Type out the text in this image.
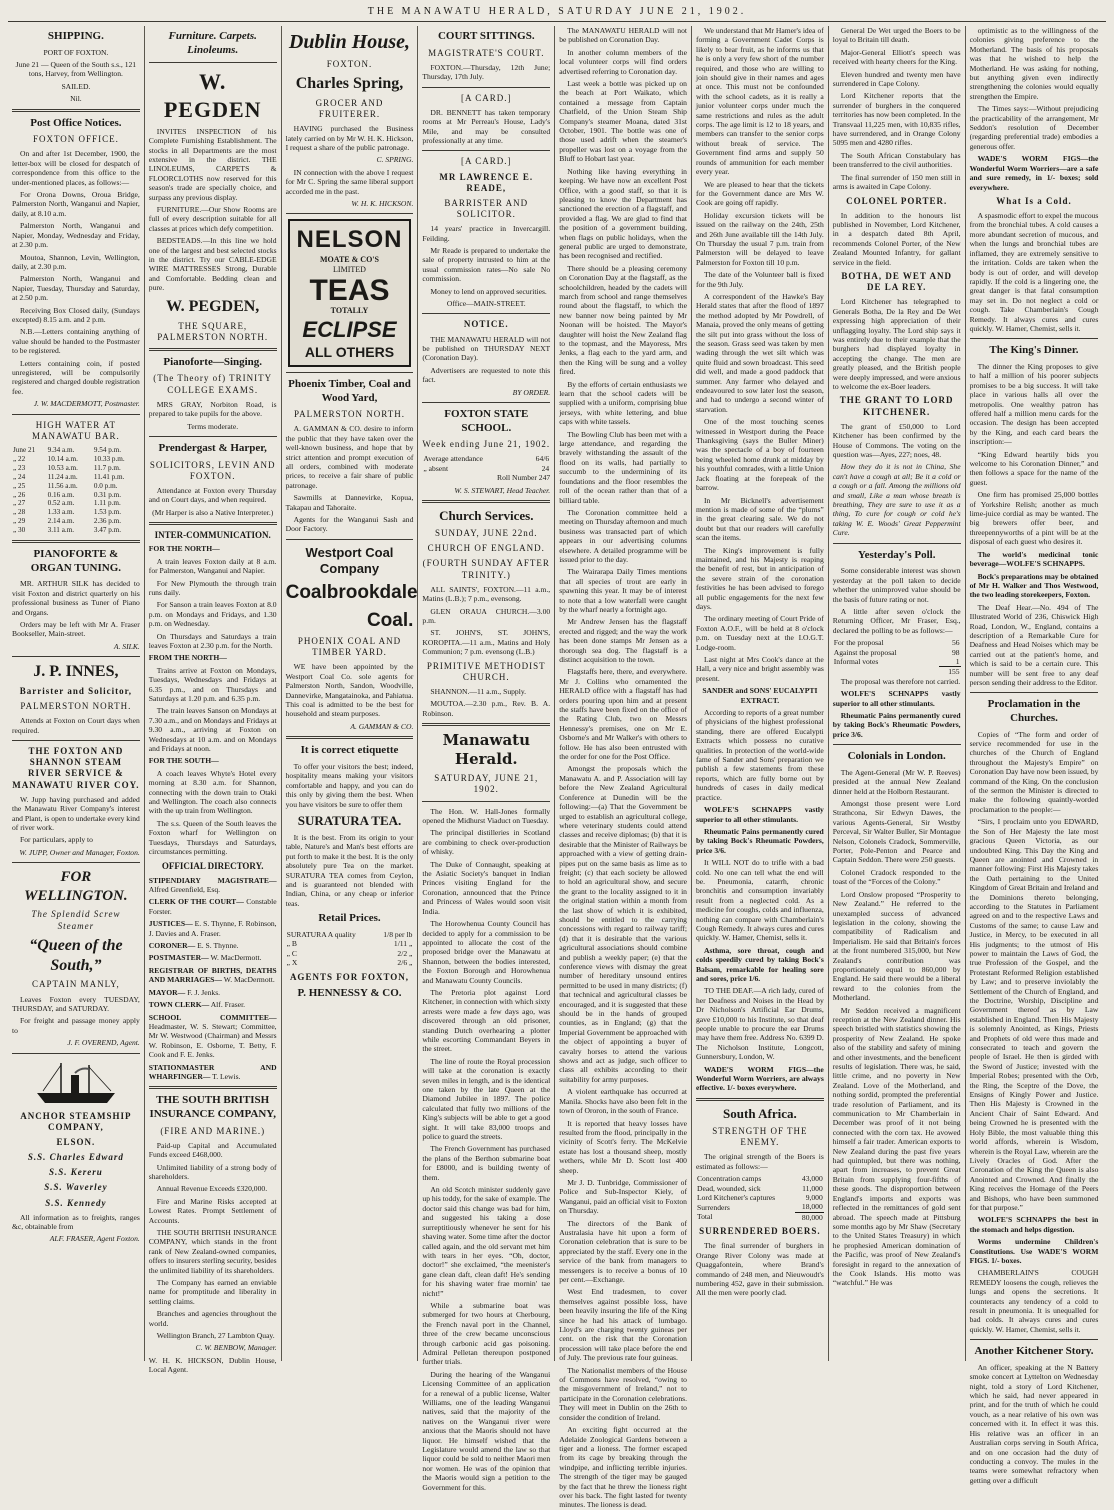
THE MANAWATU HERALD, SATURDAY JUNE 21, 1902.
SHIPPING.

PORT OF FOXTON.

June 21 — Queen of the South s.s., 121 tons, Harvey, from Wellington.

SAILED.

Nil.

Post Office Notices.
FOXTON OFFICE.

On and after 1st December, 1900, the letter-box will be closed for despatch of correspondence from this office to the under-mentioned places, as follows:—

For Orona Downs, Oroua Bridge, Palmerston North, Wanganui and Napier, daily, at 8.10 a.m.

Palmerston North, Wanganui and Napier, Monday, Wednesday and Friday, at 2.30 p.m.

Moutoa, Shannon, Levin, Wellington, daily, at 2.30 p.m.

Palmerston North, Wanganui and Napier, Tuesday, Thursday and Saturday, at 2.50 p.m.

Receiving Box Closed daily, (Sundays excepted) 8.15 a.m. and 2 p.m.

N.B.—Letters containing anything of value should be handed to the Postmaster to be registered.

Letters containing coin, if posted unregistered, will be compulsorily registered and charged double registration fee.

J. W. MACDERMOTT, Postmaster.

HIGH WATER AT MANAWATU BAR.
June 21	9.34 a.m.	9.54 p.m.
„ 22	10.14 a.m.	10.33 p.m.
„ 23	10.53 a.m.	11.7 p.m.
„ 24	11.24 a.m.	11.41 p.m.
„ 25	11.56 a.m.	0.0 p.m.
„ 26	0.16 a.m.	0.31 p.m.
„ 27	0.52 a.m.	1.11 p.m.
„ 28	1.33 a.m.	1.53 p.m.
„ 29	2.14 a.m.	2.36 p.m.
„ 30	3.11 a.m.	3.47 p.m.
PIANOFORTE & ORGAN TUNING.

MR. ARTHUR SILK has decided to visit Foxton and district quarterly on his professional business as Tuner of Piano and Organs.

Orders may be left with Mr A. Fraser Bookseller, Main-street.

A. SILK.

J. P. INNES,
Barrister and Solicitor,
PALMERSTON NORTH.

Attends at Foxton on Court days when required.

THE FOXTON AND SHANNON STEAM RIVER SERVICE & MANAWATU RIVER COY.

W. Jupp having purchased and added the Manawatu River Company's interest and Plant, is open to undertake every kind of river work.

For particulars, apply to

W. JUPP, Owner and Manager, Foxton.

FOR WELLINGTON.
The Splendid Screw Steamer
“Queen of the South,”
CAPTAIN MANLY,

Leaves Foxton every TUESDAY, THURSDAY, and SATURDAY.

For freight and passage money apply to

J. F. OVEREND, Agent.

ANCHOR STEAMSHIP COMPANY,
ELSON.
S.S. Charles Edward
S.S. Kereru
S.S. Waverley
S.S. Kennedy

All information as to freights, ranges &c, obtainable from

ALF. FRASER, Agent Foxton.

Furniture. Carpets. Linoleums.
W. PEGDEN

INVITES INSPECTION of his Complete Furnishing Establishment. The stocks in all Departments are the most extensive in the district. THE LINOLEUMS, CARPETS & FLOORCLOTHS now reserved for this season's trade are specially choice, and surpass any previous display.

FURNITURE.—Our Show Rooms are full of every description suitable for all classes at prices which defy competition.

BEDSTEADS.—In this line we hold one of the largest and best selected stocks in the district. Try our CABLE-EDGE WIRE MATTRESSES Strong, Durable and Comfortable. Bedding clean and pure.

W. PEGDEN,
THE SQUARE, PALMERSTON NORTH.
Pianoforte—Singing.
(The Theory of) TRINITY COLLEGE EXAMS.

MRS GRAY, Norbiton Road, is prepared to take pupils for the above.

Terms moderate.

Prendergast & Harper,
SOLICITORS, LEVIN AND FOXTON.

Attendance at Foxton every Thursday and on Court days, and when required.

(Mr Harper is also a Native Interpreter.)

INTER-COMMUNICATION.

FOR THE NORTH—

A train leaves Foxton daily at 8 a.m. for Palmerston, Wanganui and Napier.

For New Plymouth the through train runs daily.

For Sanson a train leaves Foxton at 8.0 p.m. on Mondays and Fridays, and 1.30 p.m. on Wednesday.

On Thursdays and Saturdays a train leaves Foxton at 2.30 p.m. for the North.

FROM THE NORTH—

Trains arrive at Foxton on Mondays, Tuesdays, Wednesdays and Fridays at 6.35 p.m., and on Thursdays and Saturdays at 1.20 p.m. and 6.35 p.m.

The train leaves Sanson on Mondays at 7.30 a.m., and on Mondays and Fridays at 9.30 a.m., arriving at Foxton on Wednesdays at 10 a.m. and on Mondays and Fridays at noon.

FOR THE SOUTH—

A coach leaves Whyte's Hotel every morning at 8.30 a.m. for Shannon, connecting with the down train to Otaki and Wellington. The coach also connects with the up train from Wellington.

The s.s. Queen of the South leaves the Foxton wharf for Wellington on Tuesdays, Thursdays and Saturdays, circumstances permitting.

OFFICIAL DIRECTORY.

STIPENDIARY MAGISTRATE— Alfred Greenfield, Esq.

CLERK OF THE COURT— Constable Forster.

JUSTICES— E. S. Thynne, F. Robinson, J. Davies and A. Fraser.

CORONER— E. S. Thynne.

POSTMASTER— W. MacDermott.

REGISTRAR OF BIRTHS, DEATHS AND MARRIAGES— W. MacDermott.

MAYOR— F. J. Jenks.

TOWN CLERK— Alf. Fraser.

SCHOOL COMMITTEE— Headmaster, W. S. Stewart; Committee, Mr W. Westwood (Chairman) and Messrs W. Robinson, E. Osborne, T. Betty, F. Cook and F. E. Jenks.

STATIONMASTER AND WHARFINGER— T. Lewis.

THE SOUTH BRITISH INSURANCE COMPANY,
(FIRE AND MARINE.)

Paid-up Capital and Accumulated Funds exceed £468,000.

Unlimited liability of a strong body of shareholders.

Annual Revenue Exceeds £320,000.

Fire and Marine Risks accepted at Lowest Rates. Prompt Settlement of Accounts.

THE SOUTH BRITISH INSURANCE COMPANY, which stands in the front rank of New Zealand-owned companies, offers to insurers sterling security, besides the unlimited liability of its shareholders.

The Company has earned an enviable name for promptitude and liberality in settling claims.

Branches and agencies throughout the world.

Wellington Branch, 27 Lambton Quay.

C. W. BENBOW, Manager.

W. H. K. HICKSON, Dublin House, Local Agent.

Dublin House,
FOXTON.
Charles Spring,
GROCER AND FRUITERER.

HAVING purchased the Business lately carried on by Mr W. H. K. Hickson, I request a share of the public patronage.

C. SPRING.

IN connection with the above I request for Mr C. Spring the same liberal support accorded me in the past.

W. H. K. HICKSON.

NELSON
MOATE & CO'S
LIMITED
TEAS
TOTALLY
ECLIPSE
ALL OTHERS
Phoenix Timber, Coal and Wood Yard,
PALMERSTON NORTH.

A. GAMMAN & CO. desire to inform the public that they have taken over the well-known business, and hope that by strict attention and prompt execution of all orders, combined with moderate prices, to receive a fair share of public patronage.

Sawmills at Dannevirke, Kopua, Takapau and Tahoraite.

Agents for the Wanganui Sash and Door Factory.

Westport Coal Company
Coalbrookdale
Coal.
PHOENIX COAL AND TIMBER YARD.

WE have been appointed by the Westport Coal Co. sole agents for Palmerston North, Sandon, Woodville, Dannevirke, Mangatainoka, and Pahiatua. This coal is admitted to be the best for household and steam purposes.

A. GAMMAN & CO.

It is correct etiquette

To offer your visitors the best; indeed, hospitality means making your visitors comfortable and happy, and you can do this only by giving them the best. When you have visitors be sure to offer them

SURATURA TEA.

It is the best. From its origin to your table, Nature's and Man's best efforts are put forth to make it the best. It is the only absolutely pure Tea on the market. SURATURA TEA comes from Ceylon, and is guaranteed not blended with Indian, China, or any cheap or inferior teas.

Retail Prices.
SURATURA A quality	1/8 per lb
„ B	1/11 „
„ C	2/2 „
„ X	2/6 „
AGENTS FOR FOXTON,
P. HENNESSY & CO.
COURT SITTINGS.
MAGISTRATE'S COURT.

FOXTON.—Thursday, 12th June; Thursday, 17th July.

[A CARD.]

DR. BENNETT has taken temporary rooms at Mr Perreau's House, Lady's Mile, and may be consulted professionally at any time.

[A CARD.]
MR LAWRENCE E. READE,
BARRISTER AND SOLICITOR.

14 years' practice in Invercargill. Feilding.

Mr Reade is prepared to undertake the sale of property intrusted to him at the usual commission rates—No sale No commission.

Money to lend on approved securities.

Office—MAIN-STREET.

NOTICE.

THE MANAWATU HERALD will not be published on THURSDAY NEXT (Coronation Day).

Advertisers are requested to note this fact.

BY ORDER.

FOXTON STATE SCHOOL.
Week ending June 21, 1902.
Average attendance	64/6
„ absent	24

Roll Number 247

W. S. STEWART, Head Teacher.

Church Services.
SUNDAY, JUNE 22nd.
CHURCH OF ENGLAND.
(FOURTH SUNDAY AFTER TRINITY.)

ALL SAINTS', FOXTON.—11 a.m., Matins (L.B.); 7 p.m., evensong.

GLEN ORAUA CHURCH.—3.00 p.m.

ST. JOHN'S, ST. JOHN'S, KOROPITA.—11 a.m., Matins and Holy Communion; 7 p.m. evensong (L.B.)

PRIMITIVE METHODIST CHURCH.

SHANNON.—11 a.m., Supply.

MOUTOA.—2.30 p.m., Rev. B. A. Robinson.

Manawatu Herald.
SATURDAY, JUNE 21, 1902.

The Hon. W. Hall-Jones formally opened the Midhurst Viaduct on Tuesday.

The principal distilleries in Scotland are combining to check over-production of whisky.

The Duke of Connaught, speaking at the Asiatic Society's banquet in Indian Princes visiting England for the Coronation, announced that the Prince and Princess of Wales would soon visit India.

The Horowhenua County Council has decided to apply for a commission to be appointed to allocate the cost of the proposed bridge over the Manawatu at Shannon, between the bodies interested, the Foxton Borough and Horowhenua and Manawatu County Councils.

The Pretoria plot against Lord Kitchener, in connection with which sixty arrests were made a few days ago, was discovered through an old prisoner, standing Dutch overhearing a plotter while escorting Commandant Beyers in the street.

The line of route the Royal procession will take at the coronation is exactly seven miles in length, and is the identical one taken by the late Queen at the Diamond Jubilee in 1897. The police calculated that fully two millions of the King's subjects will be able to get a good sight. It will take 83,000 troops and police to guard the streets.

The French Government has purchased the plans of the Berthon submarine boat for £8000, and is building twenty of them.

An old Scotch minister suddenly gave up his toddy, for the sake of example. The doctor said this change was bad for him, and suggested his taking a dose surreptitiously whenever he sent for his shaving water. Some time after the doctor called again, and the old servant met him with tears in her eyes. “Oh, doctor, doctor!” she exclaimed, “the meenister's gane clean daft, clean daft! He's sending for his shaving water frae mornin' tae nicht!”

While a submarine boat was submerged for two hours at Cherbourg, the French naval port in the Channel, three of the crew became unconscious through carbonic acid gas poisoning. Admiral Pelletan thereupon postponed further trials.

During the hearing of the Wanganui Licensing Committee of an application for a renewal of a public license, Walter Williams, one of the leading Wanganui natives, said that the majority of the natives on the Wanganui river were anxious that the Maoris should not have liquor. He himself wished that the Legislature would amend the law so that liquor could be sold to neither Maori men nor women. He was of the opinion that the Maoris would sign a petition to the Government for this.

The MANAWATU HERALD will not be published on Coronation Day.

In another column members of the local volunteer corps will find orders advertised referring to Coronation day.

Last week a bottle was picked up on the beach at Port Waikato, which contained a message from Captain Chatfield, of the Union Steam Ship Company's steamer Moana, dated 31st October, 1901. The bottle was one of those used adrift when the steamer's propeller was lost on a voyage from the Bluff to Hobart last year.

Nothing like having everything in keeping. We have now an excellent Post Office, with a good staff, so that it is pleasing to know the Department has sanctioned the erection of a flagstaff, and provided a flag. We are glad to find that the position of a government building, when flags on public holidays, when the general public are urged to demonstrate, has been recognised and rectified.

There should be a pleasing ceremony on Coronation Day at the flagstaff, as the schoolchildren, headed by the cadets will march from school and range themselves round about the flagstaff, to which the new banner now being painted by Mr Noonan will be hoisted. The Mayor's daughter will hoist the New Zealand flag to the topmast, and the Mayoress, Mrs Jenks, a flag each to the yard arm, and then the King will be sung and a volley fired.

By the efforts of certain enthusiasts we learn that the school cadets will be supplied with a uniform, comprising blue jerseys, with white lettering, and blue caps with white tassels.

The Bowling Club has been met with a large attendance, and regarding the bravely withstanding the assault of the flood on its walls, had partially to succumb to the undermining of its foundations and the floor resembles the roll of the ocean rather than that of a billiard table.

The Coronation committee held a meeting on Thursday afternoon and much business was transacted part of which appears in our advertising columns elsewhere. A detailed programme will be issued prior to the day.

The Wairarapa Daily Times mentions that all species of trout are early in spawning this year. It may be of interest to note that a low waterfall were caught by the wharf nearly a fortnight ago.

Mr Andrew Jensen has the flagstaff erected and rigged; and the way the work has been done stamps Mr Jensen as a thorough sea dog. The flagstaff is a distinct acquisition to the town.

Flagstaffs here, there, and everywhere. Mr J. Collins who ornamented the HERALD office with a flagstaff has had orders pouring upon him and at present the staffs have been fixed on the office of the Rating Club, two on Messrs Hennessy's premises, one on Mr E. Osborne's and Mr Walker's with others to follow. He has also been entrusted with the order for one for the Post Office.

Amongst the proposals which the Manawatu A. and P. Association will lay before the New Zealand Agricultural Conference at Dunedin will be the following:—(a) That the Government be urged to establish an agricultural college, where veterinary students could attend classes and receive diplomas; (b) that it is desirable that the Minister of Railways be approached with a view of getting drain-pipes put on the same basis as lime as to freight; (c) that each society be allowed to hold an agricultural show, and secure the grant to the locality assigned to it in the original station within a month from the last show of which it is exhibited, should be entitled to the carrying concessions with regard to railway tariff; (d) that it is desirable that the various agricultural associations should combine and publish a weekly paper; (e) that the conference views with dismay the great number of hereditary unsound entires permitted to be used in many districts; (f) that technical and agricultural classes be encouraged, and it is suggested that these should be in the hands of grouped counties, as in England; (g) that the Imperial Government be approached with the object of appointing a buyer of cavalry horses to attend the various shows and act as judge, such officer to class all exhibits according to their suitability for army purposes.

A violent earthquake has occurred at Manila. Shocks have also been felt in the town of Ororon, in the south of France.

It is reported that heavy losses have resulted from the flood, principally in the vicinity of Scott's ferry. The McKelvie estate has lost a thousand sheep, mostly wethers, while Mr D. Scott lost 400 sheep.

Mr J. D. Tunbridge, Commissioner of Police and Sub-Inspector Kiely, of Wanganui, paid an official visit to Foxton on Thursday.

The directors of the Bank of Australasia have hit upon a form of Coronation celebration that is sure to be appreciated by the staff. Every one in the service of the bank from managers to messengers is to receive a bonus of 10 per cent.—Exchange.

West End tradesmen, to cover themselves against possible loss, have been heavily insuring the life of the King since he had his attack of lumbago. Lloyd's are charging twenty guineas per cent. on the risk that the Coronation procession will take place before the end of July. The previous rate four guineas.

The Nationalist members of the House of Commons have resolved, “owing to the misgovernment of Ireland,” not to participate in the Coronation celebrations. They will meet in Dublin on the 26th to consider the condition of Ireland.

An exciting fight occurred at the Adelaide Zoological Gardens between a tiger and a lioness. The former escaped from its cage by breaking through the windpipe, and inflicting terrible injuries. The strength of the tiger may be gauged by the fact that he threw the lioness right over his back. The fight lasted for twenty minutes. The lioness is dead.

We understand that Mr Hamer's idea of forming a Government Cadet Corps is likely to bear fruit, as he informs us that he is only a very few short of the number required, and those who are willing to join should give in their names and ages at once. This must not be confounded with the school cadets, as it is really a junior volunteer corps under much the same restrictions and rules as the adult corps. The age limit is 12 to 18 years, and members can transfer to the senior corps without break of service. The Government find arms and supply 50 rounds of ammunition for each member every year.

We are pleased to hear that the tickets for the Government dance are Mrs W. Cook are going off rapidly.

Holiday excursion tickets will be issued on the railway on the 24th, 25th and 26th June available till the 14th July. On Thursday the usual 7 p.m. train from Palmerston will be delayed to leave Palmerston for Foxton till 10 p.m.

The date of the Volunteer ball is fixed for the 9th July.

A correspondent of the Hawke's Bay Herald states that after the flood of 1897 the method adopted by Mr Powdrell, of Manaia, proved the only means of getting the silt put into grass without the loss of the season. Grass seed was taken by men wading through the wet silt which was quite fluid and sown broadcast. This seed did well, and made a good paddock that summer. Any farmer who delayed and endeavoured to sow later lost the season, and had to undergo a second winter of starvation.

One of the most touching scenes witnessed in Westport during the Peace Thanksgiving (says the Buller Miner) was the spectacle of a boy of fourteen being wheeled home drunk at midday by his youthful comrades, with a little Union Jack floating at the forepeak of the barrow.

In Mr Bicknell's advertisement mention is made of some of the “plums” in the great clearing sale. We do not doubt but that our readers will carefully scan the items.

The King's improvement is fully maintained, and his Majesty is reaping the benefit of rest, but in anticipation of the severe strain of the coronation festivities he has been advised to forego all public engagements for the next few days.

The ordinary meeting of Court Pride of Foxton A.O.F., will be held at 8 o'clock p.m. on Tuesday next at the I.O.G.T. Lodge-room.

Last night at Mrs Cook's dance at the Hall, a very nice and bright assembly was present.

SANDER and SONS' EUCALYPTI EXTRACT.

According to reports of a great number of physicians of the highest professional standing, there are offered Eucalypti Extracts which possess no curative qualities. In protection of the world-wide fame of Sander and Sons' preparation we publish a few statements from these reports, which are fully borne out by hundreds of cases in daily medical practice.

WOLFE'S SCHNAPPS vastly superior to all other stimulants.

Rheumatic Pains permanently cured by taking Bock's Rheumatic Powders, price 3/6.

It WILL NOT do to trifle with a bad cold. No one can tell what the end will be. Pneumonia, catarrh, chronic bronchitis and consumption invariably result from a neglected cold. As a medicine for coughs, colds and influenza, nothing can compare with Chamberlain's Cough Remedy. It always cures and cures quickly. W. Hamer, Chemist, sells it.

Asthma, sore throat, cough and colds speedily cured by taking Bock's Balsam, remarkable for healing sore and sores, price 1/6.

TO THE DEAF.—A rich lady, cured of her Deafness and Noises in the Head by Dr Nicholson's Artificial Ear Drums, gave £10,000 to his Institute, so that deaf people unable to procure the ear Drums may have them free. Address No. 6399 D. The Nicholson Institute, Longcott, Gunnersbury, London, W.

WADE'S WORM FIGS—the Wonderful Worm Worriers, are always effective. 1/- boxes everywhere.

South Africa.
STRENGTH OF THE ENEMY.

The original strength of the Boers is estimated as follows:—

Concentration camps	43,000
Dead, wounded, sick	11,000
Lord Kitchener's captures	9,000
Surrenders	18,000
Total	80,000
SURRENDERED BOERS.

The final surrender of burghers in Orange River Colony was made at Quaggafontein, where Brand's commando of 248 men, and Nieuwoudt's numbering 452, gave in their submission. All the men were poorly clad.

General De Wet urged the Boers to be loyal to Britain till death.

Major-General Elliott's speech was received with hearty cheers for the King.

Eleven hundred and twenty men have surrendered in Cape Colony.

Lord Kitchener reports that the surrender of burghers in the conquered territories has now been completed. In the Transvaal 11,225 men, with 10,835 rifles, have surrendered, and in Orange Colony 5095 men and 4280 rifles.

The South African Constabulary has been transferred to the civil authorities.

The final surrender of 150 men still in arms is awaited in Cape Colony.

COLONEL PORTER.

In addition to the honours list published in November, Lord Kitchener, in a despatch dated 8th April, recommends Colonel Porter, of the New Zealand Mounted Infantry, for gallant service in the field.

BOTHA, DE WET AND DE LA REY.

Lord Kitchener has telegraphed to Generals Botha, De la Rey and De Wet expressing high appreciation of their unflagging loyalty. The Lord ship says it was entirely due to their example that the burghers had displayed loyalty in accepting the change. The men are greatly pleased, and the British people were deeply impressed, and were anxious to welcome the ex-Boer leaders.

THE GRANT TO LORD KITCHENER.

The grant of £50,000 to Lord Kitchener has been confirmed by the House of Commons. The voting on the question was—Ayes, 227; noes, 48.

How they do it is not in China, She can't have a cough at all; Be it a cold or a cough or a fall. Among the millions old and small, Like a man whose breath is breathing, They are sure to use it as a thing, To cure for cough or cold he's taking W. E. Woods' Great Peppermint Cure.

Yesterday's Poll.

Some considerable interest was shown yesterday at the poll taken to decide whether the unimproved value should be the basis of future rating or not.

A little after seven o'clock the Returning Officer, Mr Fraser, Esq., declared the polling to be as follows:—

For the proposal	56
Against the proposal	98
Informal votes	1
	155

The proposal was therefore not carried.

WOLFE'S SCHNAPPS vastly superior to all other stimulants.

Rheumatic Pains permanently cured by taking Bock's Rheumatic Powders, price 3/6.

Colonials in London.

The Agent-General (Mr W. P. Reeves) presided at the annual New Zealand dinner held at the Holborn Restaurant.

Amongst those present were Lord Strathcona, Sir Edwyn Dawes, the various Agents-General, Sir Westby Perceval, Sir Walter Buller, Sir Montague Nelson, Colonels Cradock, Sommerville, Porter, Pole-Penton and Pearce and Captain Seddon. There were 250 guests.

Colonel Cradock responded to the toast of the “Forces of the Colony.”

Lord Onslow proposed “Prosperity to New Zealand.” He referred to the unexampled success of advanced legislation in the colony, showing the compatibility of Radicalism and Imperialism. He said that Britain's forces at the front numbered 315,000, but New Zealand's contribution was proportionately equal to 860,000 by England. He said there would be a liberal reward to the colonies from the Motherland.

Mr Seddon received a magnificent reception at the New Zealand dinner. His speech bristled with statistics showing the prosperity of New Zealand. He spoke also of the stability and safety of mining and other investments, and the beneficent results of legislation. There was, he said, little crime, and no poverty in New Zealand. Love of the Motherland, and nothing sordid, prompted the preferential trade resolution of Parliament, and its communication to Mr Chamberlain in December was proof of it not being connected with the corn tax. He avowed himself a fair trader. American exports to New Zealand during the past five years had quintupled, but there was nothing, apart from increases, to prevent Great Britain from supplying four-fifths of these goods. The disproportion between England's imports and exports was reflected in the remittances of gold sent abroad. The speech made at Pittsburg some months ago by Mr Shaw (Secretary to the United States Treasury) in which he prophesied American domination of the Pacific, was proof of New Zealand's foresight in regard to the annexation of the Cook Islands. His motto was “watchful.” He was

optimistic as to the willingness of the colonies giving preference to the Motherland. The basis of his proposals was that he wished to help the Motherland. He was asking for nothing, but anything given even indirectly strengthening the colonies would equally strengthen the Empire.

The Times says:—Without prejudicing the practicability of the arrangement, Mr Seddon's resolution of December (regarding preferential trade) embodies a generous offer.

WADE'S WORM FIGS—the Wonderful Worm Worriers—are a safe and sure remedy, in 1/- boxes; sold everywhere.

What Is a Cold.

A spasmodic effort to expel the mucous from the bronchial tubes. A cold causes a more abundant secretion of mucous, and when the lungs and bronchial tubes are inflamed, they are extremely sensitive to the irritation. Colds are taken when the body is out of order, and will develop rapidly. If the cold is a lingering one, the great danger is that fatal consumption may set in. Do not neglect a cold or cough. Take Chamberlain's Cough Remedy. It always cures and cures quickly. W. Hamer, Chemist, sells it.

The King's Dinner.

The dinner the King proposes to give to half a million of his poorer subjects promises to be a big success. It will take place in various halls all over the metropolis. One wealthy patron has offered half a million menu cards for the occasion. The design has been accepted by the King, and each card bears the inscription:—

“King Edward heartily bids you welcome to his Coronation Dinner,” and then follows a space for the name of the guest.

One firm has promised 25,000 bottles of Yorkshire Relish; another as much lime-juice cordial as may be wanted. The big brewers offer beer, and threepennyworths of a pint will be at the disposal of each guest who desires it.

The world's medicinal tonic beverage—WOLFE'S SCHNAPPS.

Bock's preparations may be obtained of Mr H. Walker and Thos Westwood, the two leading storekeepers, Foxton.

The Deaf Hear.—No. 494 of The Illustrated World of 236, Chiswick High Road, London, W., England, contains a description of a Remarkable Cure for Deafness and Head Noises which may be carried out at the patient's home, and which is said to be a certain cure. This number will be sent free to any deaf person sending their address to the Editor.

Proclamation in the Churches.

Copies of “The form and order of service recommended for use in the churches of the Church of England throughout the Majesty's Empire” on Coronation Day have now been issued, by command of the King. On the conclusion of the sermon the Minister is directed to make the following quaintly-worded proclamation to the people:—

“Sirs, I proclaim unto you EDWARD, the Son of Her Majesty the late most gracious Queen Victoria, as our undoubted King. This Day the King and Queen are anointed and Crowned in manner following: First His Majesty takes the Oath pertaining to the United Kingdom of Great Britain and Ireland and the Dominions thereto belonging, according to the Statutes in Parliament agreed on and to the respective Laws and Customs of the same; to cause Law and Justice, in Mercy, to be executed in all His judgments; to the utmost of His power to maintain the Laws of God, the true Profession of the Gospel, and the Protestant Reformed Religion established by Law; and to preserve inviolably the Settlement of the Church of England, and the Doctrine, Worship, Discipline and Government thereof as by Law established in England. Then His Majesty is solemnly Anointed, as Kings, Priests and Prophets of old were thus made and consecrated to teach and govern the people of Israel. He then is girded with the Sword of Justice; invested with the Imperial Robes; presented with the Orb, the Ring, the Sceptre of the Dove, the Ensigns of Kingly Power and Justice. Then His Majesty is Crowned in the Ancient Chair of Saint Edward. And being Crowned he is presented with the Holy Bible, the most valuable thing this world affords, wherein is Wisdom, wherein is the Royal Law, wherein are the Lively Oracles of God. After the Coronation of the King the Queen is also Anointed and Crowned. And finally the King receives the Homage of the Peers and Bishops, who have been summoned for that purpose.”

WOLFE'S SCHNAPPS the best in the stomach and helps digestion.

Worms undermine Children's Constitutions. Use WADE'S WORM FIGS. 1/- boxes.

CHAMBERLAIN'S COUGH REMEDY loosens the cough, relieves the lungs and opens the secretions. It counteracts any tendency of a cold to result in pneumonia. It is unequalled for bad colds. It always cures and cures quickly. W. Hamer, Chemist, sells it.

Another Kitchener Story.

An officer, speaking at the N Battery smoke concert at Lyttelton on Wednesday night, told a story of Lord Kitchener, which he said, had never appeared in print, and for the truth of which he could vouch, as a near relative of his own was concerned with it. In effect it was this. His relative was an officer in an Australian corps serving in South Africa, and on one occasion had the duty of conducting a convoy. The mules in the teams were somewhat refractory when getting over a difficult
